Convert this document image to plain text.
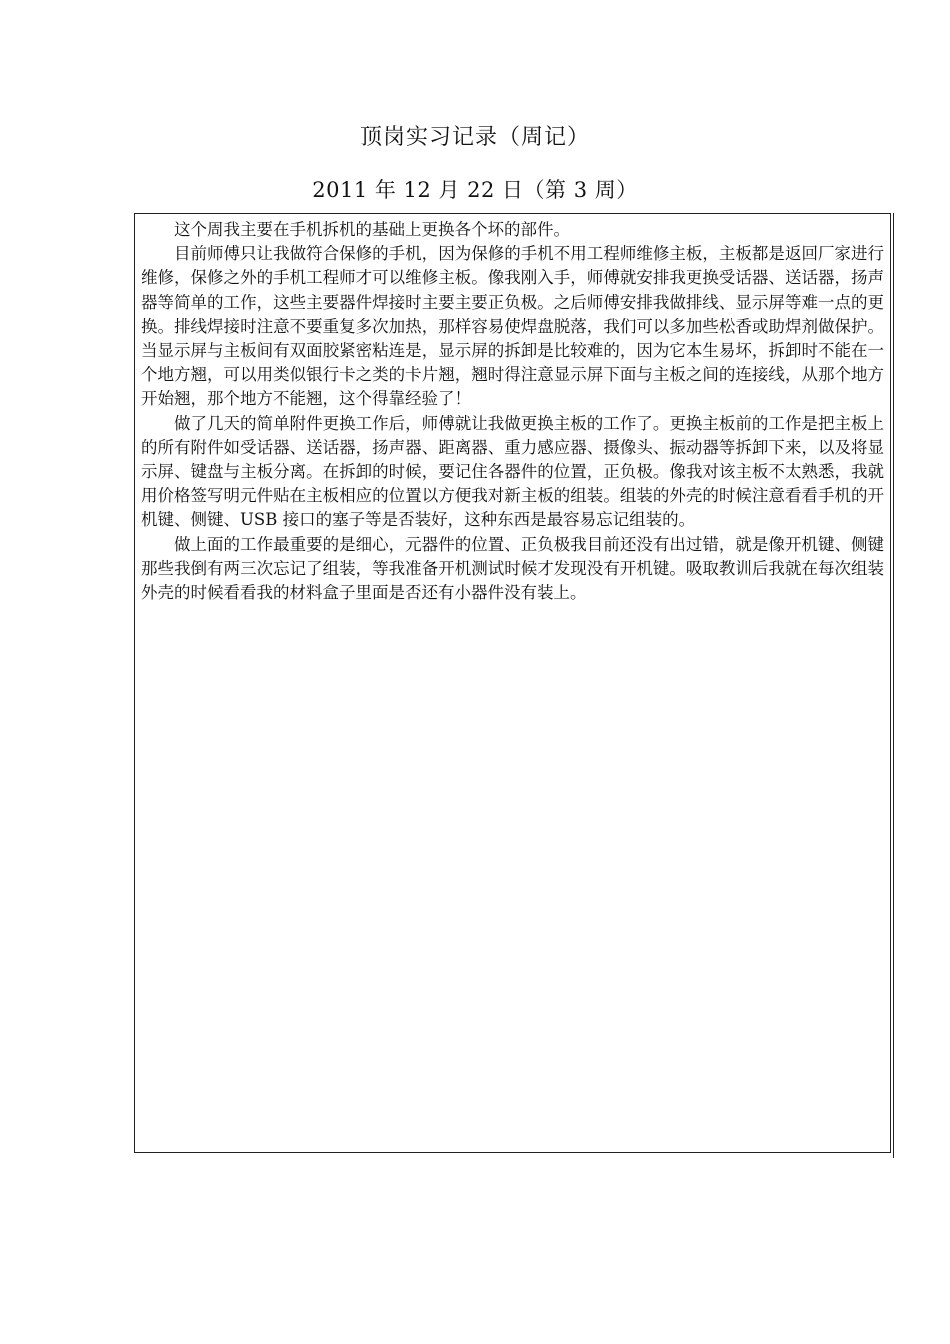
顶岗实习记录（周记）
2011 年 12 月 22 日（第 3 周）

这个周我主要在手机拆机的基础上更换各个坏的部件。

目前师傅只让我做符合保修的手机，因为保修的手机不用工程师维修主板，主板都是返回厂家进行维修，保修之外的手机工程师才可以维修主板。像我刚入手，师傅就安排我更换受话器、送话器，扬声器等简单的工作，这些主要器件焊接时主要主要正负极。之后师傅安排我做排线、显示屏等难一点的更换。排线焊接时注意不要重复多次加热，那样容易使焊盘脱落，我们可以多加些松香或助焊剂做保护。当显示屏与主板间有双面胶紧密粘连是，显示屏的拆卸是比较难的，因为它本生易坏，拆卸时不能在一个地方翘，可以用类似银行卡之类的卡片翘，翘时得注意显示屏下面与主板之间的连接线，从那个地方开始翘，那个地方不能翘，这个得靠经验了！

做了几天的简单附件更换工作后，师傅就让我做更换主板的工作了。更换主板前的工作是把主板上的所有附件如受话器、送话器，扬声器、距离器、重力感应器、摄像头、振动器等拆卸下来，以及将显示屏、键盘与主板分离。在拆卸的时候，要记住各器件的位置，正负极。像我对该主板不太熟悉，我就用价格签写明元件贴在主板相应的位置以方便我对新主板的组装。组装的外壳的时候注意看看手机的开机键、侧键、USB 接口的塞子等是否装好，这种东西是最容易忘记组装的。

做上面的工作最重要的是细心，元器件的位置、正负极我目前还没有出过错，就是像开机键、侧键那些我倒有两三次忘记了组装，等我准备开机测试时候才发现没有开机键。吸取教训后我就在每次组装外壳的时候看看我的材料盒子里面是否还有小器件没有装上。
